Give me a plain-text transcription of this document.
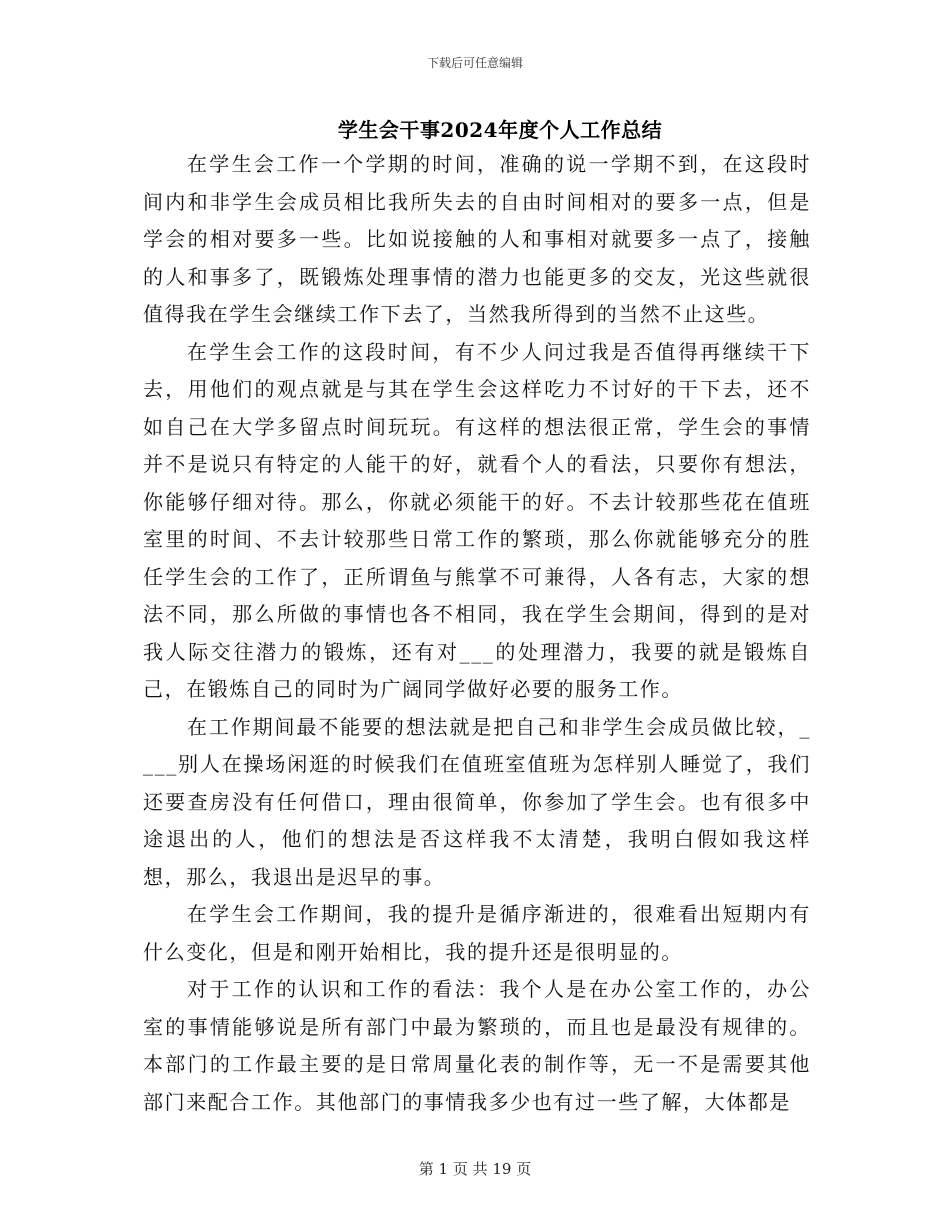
下载后可任意编辑
学生会干事2024年度个人工作总结

在学生会工作一个学期的时间，准确的说一学期不到，在这段时间内和非学生会成员相比我所失去的自由时间相对的要多一点，但是学会的相对要多一些。比如说接触的人和事相对就要多一点了，接触的人和事多了，既锻炼处理事情的潜力也能更多的交友，光这些就很值得我在学生会继续工作下去了，当然我所得到的当然不止这些。

在学生会工作的这段时间，有不少人问过我是否值得再继续干下去，用他们的观点就是与其在学生会这样吃力不讨好的干下去，还不如自己在大学多留点时间玩玩。有这样的想法很正常，学生会的事情并不是说只有特定的人能干的好，就看个人的看法，只要你有想法，你能够仔细对待。那么，你就必须能干的好。不去计较那些花在值班室里的时间、不去计较那些日常工作的繁琐，那么你就能够充分的胜任学生会的工作了，正所谓鱼与熊掌不可兼得，人各有志，大家的想法不同，那么所做的事情也各不相同，我在学生会期间，得到的是对我人际交往潜力的锻炼，还有对___的处理潜力，我要的就是锻炼自己，在锻炼自己的同时为广阔同学做好必要的服务工作。

在工作期间最不能要的想法就是把自己和非学生会成员做比较，____别人在操场闲逛的时候我们在值班室值班为怎样别人睡觉了，我们还要查房没有任何借口，理由很简单，你参加了学生会。也有很多中途退出的人，他们的想法是否这样我不太清楚，我明白假如我这样想，那么，我退出是迟早的事。

在学生会工作期间，我的提升是循序渐进的，很难看出短期内有什么变化，但是和刚开始相比，我的提升还是很明显的。

对于工作的认识和工作的看法：我个人是在办公室工作的，办公室的事情能够说是所有部门中最为繁琐的，而且也是最没有规律的。本部门的工作最主要的是日常周量化表的制作等，无一不是需要其他部门来配合工作。其他部门的事情我多少也有过一些了解，大体都是

第 1 页 共 19 页
